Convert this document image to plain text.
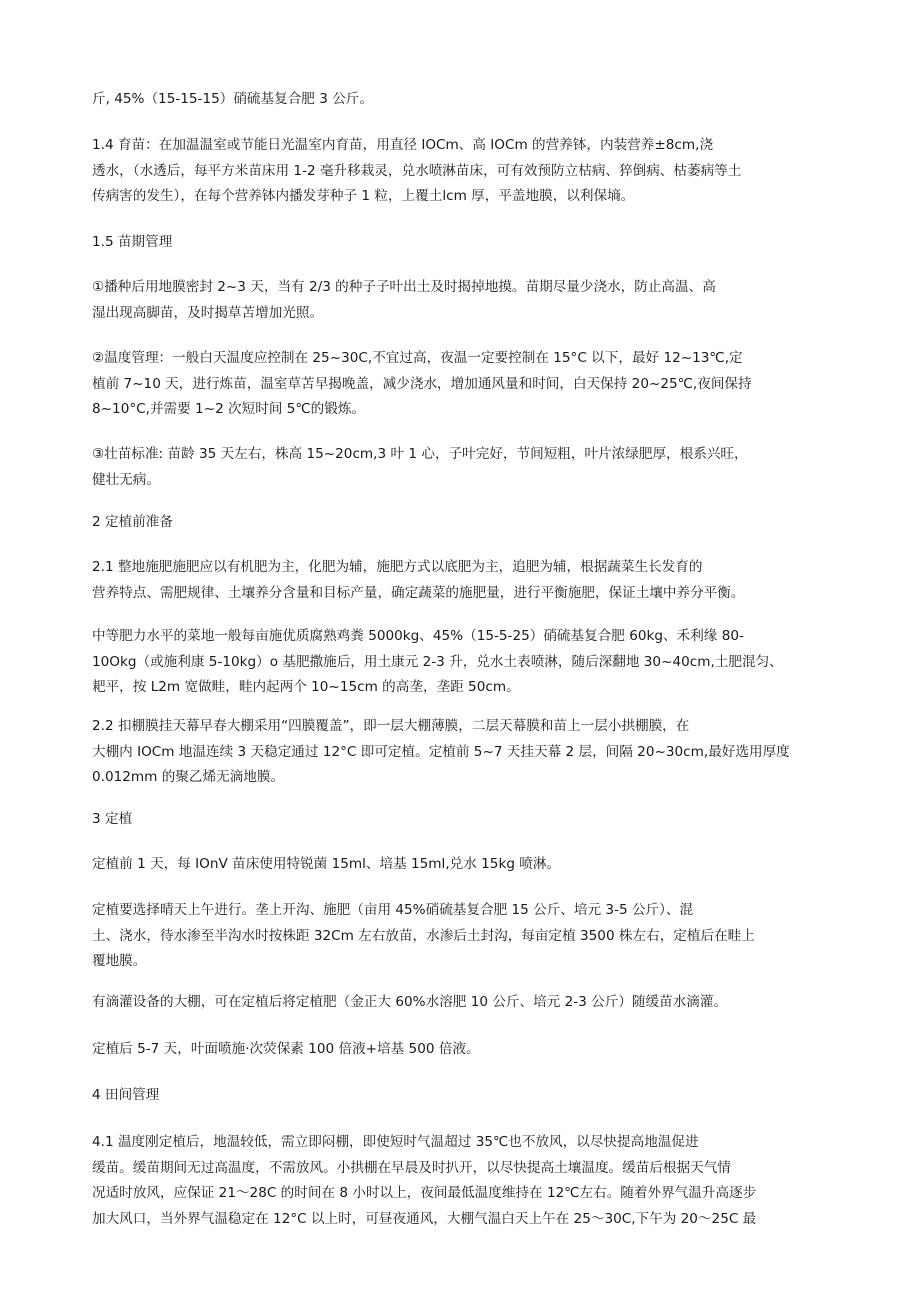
斤, 45%（15-15-15）硝硫基复合肥 3 公斤。

1.4 育苗：在加温温室或节能日光温室内育苗，用直径 IOCm、高 IOCm 的营养钵，内装营养±8cm,浇
透水，（水透后，每平方米苗床用 1-2 毫升移栽灵，兑水喷淋苗床，可有效预防立枯病、猝倒病、枯萎病等土
传病害的发生），在每个营养钵内播发芽种子 1 粒，上覆土lcm 厚，平盖地膜，以利保墒。

1.5 苗期管理

①播种后用地膜密封 2~3 天，当有 2/3 的种子子叶出土及时揭掉地摸。苗期尽量少浇水，防止高温、高
湿出现高脚苗，及时揭草苫增加光照。

②温度管理：一般白天温度应控制在 25~30C,不宜过高，夜温一定要控制在 15°C 以下，最好 12~13℃,定
植前 7~10 天，进行炼苗，温室草苫早揭晚盖，减少浇水，增加通风量和时间，白天保持 20~25℃,夜间保持
8~10°C,并需要 1~2 次短时间 5℃的锻炼。

③壮苗标准: 苗龄 35 天左右，株高 15~20cm,3 叶 1 心，子叶完好，节间短粗，叶片浓绿肥厚，根系兴旺，
健壮无病。

2 定植前准备

2.1 整地施肥施肥应以有机肥为主，化肥为辅，施肥方式以底肥为主，追肥为辅，根据蔬菜生长发育的
营养特点、需肥规律、土壤养分含量和目标产量，确定蔬菜的施肥量，进行平衡施肥，保证土壤中养分平衡。

中等肥力水平的菜地一般每亩施优质腐熟鸡粪 5000kg、45%（15-5-25）硝硫基复合肥 60kg、禾利缘 80-
10Okg（或施利康 5-10kg）o 基肥撒施后，用土康元 2-3 升，兑水土表喷淋，随后深翻地 30~40cm,土肥混匀、
耙平，按 L2m 宽做畦，畦内起两个 10~15cm 的高垄，垄距 50cm。

2.2 扣棚膜挂天幕早春大棚采用“四膜覆盖”，即一层大棚薄膜，二层天幕膜和苗上一层小拱棚膜，在
大棚内 IOCm 地温连续 3 天稳定通过 12°C 即可定植。定植前 5~7 天挂天幕 2 层，间隔 20~30cm,最好选用厚度
0.012mm 的聚乙烯无滴地膜。

3 定植

定植前 1 天，每 IOnV 苗床使用特锐菌 15ml、培基 15ml,兑水 15kg 喷淋。

定植要选择晴天上午进行。垄上开沟、施肥（亩用 45%硝硫基复合肥 15 公斤、培元 3-5 公斤）、混
土、浇水，待水渗至半沟水时按株距 32Cm 左右放苗，水渗后土封沟，每亩定植 3500 株左右，定植后在畦上
覆地膜。

有滴灌设备的大棚，可在定植后将定植肥（金正大 60%水溶肥 10 公斤、培元 2-3 公斤）随缓苗水滴灌。

定植后 5-7 天，叶面喷施·次荧保素 100 倍液+培基 500 倍液。

4 田间管理

4.1 温度刚定植后，地温较低，需立即闷棚，即使短时气温超过 35℃也不放风，以尽快提高地温促进
缓苗。缓苗期间无过高温度，不需放风。小拱棚在早晨及时扒开，以尽快提高土壤温度。缓苗后根据天气情
况适时放风，应保证 21～28C 的时间在 8 小时以上，夜间最低温度维持在 12℃左右。随着外界气温升高逐步
加大风口，当外界气温稳定在 12°C 以上时，可昼夜通风，大棚气温白天上午在 25～30C,下午为 20～25C 最
